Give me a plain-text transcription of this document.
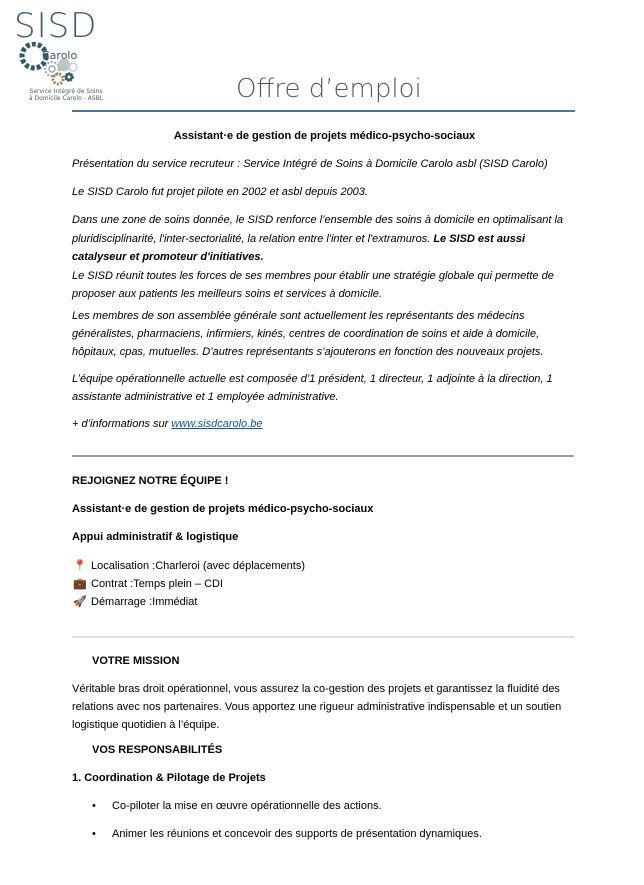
SISD
Carolo
Service Intégré de Soins
à Domicile Carolo - ASBL	Offre d’emploi
Assistant·e de gestion de projets médico-psycho-sociaux
Présentation du service recruteur : Service Intégré de Soins à Domicile Carolo asbl (SISD Carolo)
Le SISD Carolo fut projet pilote en 2002 et asbl depuis 2003.
Dans une zone de soins donnée, le SISD renforce l’ensemble des soins à domicile en optimalisant la pluridisciplinarité, l'inter-sectorialité, la relation entre l'inter et l'extramuros. Le SISD est aussi catalyseur et promoteur d'initiatives.
Le SISD réunit toutes les forces de ses membres pour établir une stratégie globale qui permette de proposer aux patients les meilleurs soins et services à domicile.
Les membres de son assemblée générale sont actuellement les représentants des médecins généralistes, pharmaciens, infirmiers, kinés, centres de coordination de soins et aide à domicile, hôpitaux, cpas, mutuelles. D’autres représentants s’ajouterons en fonction des nouveaux projets.
L’équipe opérationnelle actuelle est composée d’1 président, 1 directeur, 1 adjointe à la direction, 1 assistante administrative et 1 employée administrative.
+ d’informations sur www.sisdcarolo.be
REJOIGNEZ NOTRE ÉQUIPE !
Assistant·e de gestion de projets médico-psycho-sociaux
Appui administratif & logistique
📍 Localisation : Charleroi (avec déplacements)
💼 Contrat : Temps plein – CDI
🚀 Démarrage : Immédiat
VOTRE MISSION
Véritable bras droit opérationnel, vous assurez la co-gestion des projets et garantissez la fluidité des relations avec nos partenaires. Vous apportez une rigueur administrative indispensable et un soutien logistique quotidien à l’équipe.
VOS RESPONSABILITÉS
1. Coordination & Pilotage de Projets
• Co-piloter la mise en œuvre opérationnelle des actions.
• Animer les réunions et concevoir des supports de présentation dynamiques.
